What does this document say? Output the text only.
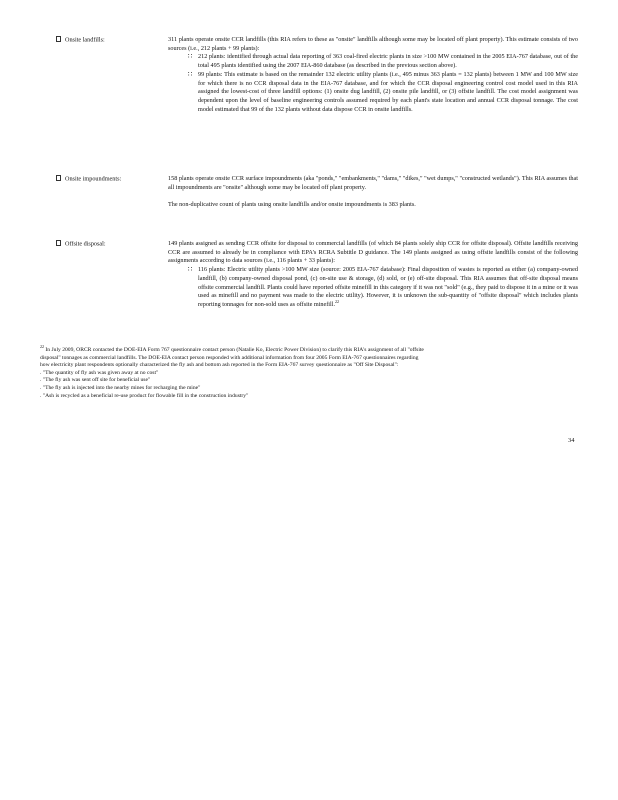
Onsite landfills:	311 plants operate onsite CCR landfills (this RIA refers to these as "onsite" landfills although some may be located off plant property). This estimate consists of two sources (i.e., 212 plants + 99 plants):

∷ 212 plants: identified through actual data reporting of 363 coal-fired electric plants in size >100 MW contained in the 2005 EIA-767 database, out of the total 495 plants identified using the 2007 EIA-860 database (as described in the previous section above).
∷ 99 plants: This estimate is based on the remainder 132 electric utility plants (i.e., 495 minus 363 plants = 132 plants) between 1 MW and 100 MW size for which there is no CCR disposal data in the EIA-767 database, and for which the CCR disposal engineering control cost model used in this RIA assigned the lowest-cost of three landfill options: (1) onsite dug landfill, (2) onsite pile landfill, or (3) offsite landfill. The cost model assignment was dependent upon the level of baseline engineering controls assumed required by each plant's state location and annual CCR disposal tonnage. The cost model estimated that 99 of the 132 plants without data dispose CCR in onsite landfills.
Onsite impoundments:	158 plants operate onsite CCR surface impoundments (aka "ponds," "embankments," "dams," "dikes," "wet dumps," "constructed wetlands"). This RIA assumes that all impoundments are "onsite" although some may be located off plant property.

The non-duplicative count of plants using onsite landfills and/or onsite impoundments is 383 plants.

Offsite disposal:	149 plants assigned as sending CCR offsite for disposal to commercial landfills (of which 84 plants solely ship CCR for offsite disposal). Offsite landfills receiving CCR are assumed to already be in compliance with EPA's RCRA Subtitle D guidance. The 149 plants assigned as using offsite landfills consist of the following assignments according to data sources (i.e., 116 plants + 33 plants):

∷ 116 plants: Electric utility plants >100 MW size (source: 2005 EIA-767 database): Final disposition of wastes is reported as either (a) company-owned landfill, (b) company-owned disposal pond, (c) on-site use & storage, (d) sold, or (e) off-site disposal. This RIA assumes that off-site disposal means offsite commercial landfill. Plants could have reported offsite minefill in this category if it was not "sold" (e.g., they paid to dispose it in a mine or it was used as minefill and no payment was made to the electric utility). However, it is unknown the sub-quantity of "offsite disposal" which includes plants reporting tonnages for non-sold uses as offsite minefill.$^{22}$
$^{22}$ In July 2009, ORCR contacted the DOE-EIA Form 767 questionnaire contact person (Natalie Ko, Electric Power Division) to clarify this RIA's assignment of all "offsite
disposal" tonnages as commercial landfills. The DOE-EIA contact person responded with additional information from four 2005 Form EIA-767 questionnaires regarding
how electricity plant respondents optionally characterized the fly ash and bottom ash reported in the Form EIA-767 survey questionnaire as "Off Site Disposal":
. "The quantity of fly ash was given away at no cost"
. "The fly ash was sent off site for beneficial use"
. "The fly ash is injected into the nearby mines for recharging the mine"
. "Ash is recycled as a beneficial re-use product for flowable fill in the construction industry"
34
